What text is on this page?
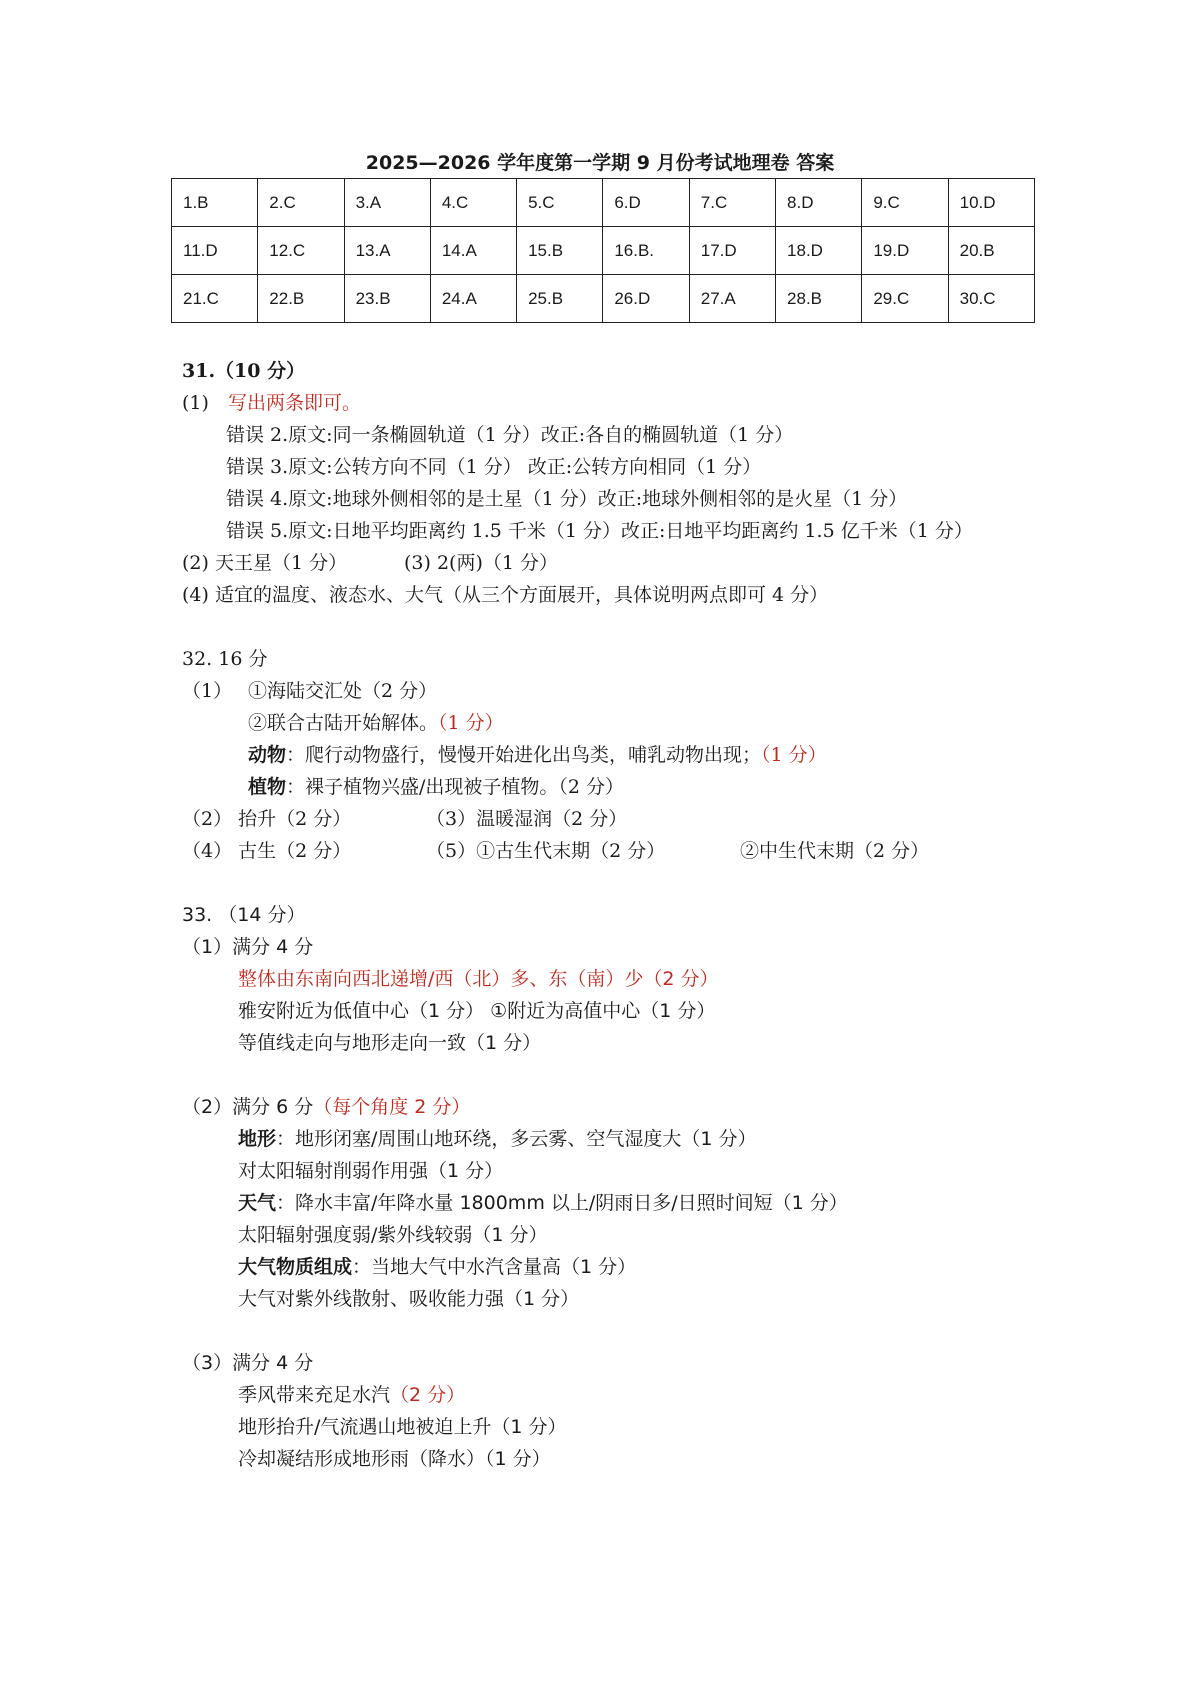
2025—2026 学年度第一学期 9 月份考试地理卷 答案
1.B	2.C	3.A	4.C	5.C	6.D	7.C	8.D	9.C	10.D
11.D	12.C	13.A	14.A	15.B	16.B.	17.D	18.D	19.D	20.B
21.C	22.B	23.B	24.A	25.B	26.D	27.A	28.B	29.C	30.C
31.（10 分）
(1) 写出两条即可。
错误 2.原文:同一条椭圆轨道（1 分）改正:各自的椭圆轨道（1 分）
错误 3.原文:公转方向不同（1 分） 改正:公转方向相同（1 分）
错误 4.原文:地球外侧相邻的是土星（1 分）改正:地球外侧相邻的是火星（1 分）
错误 5.原文:日地平均距离约 1.5 千米（1 分）改正:日地平均距离约 1.5 亿千米（1 分）
(2) 天王星（1 分）	(3) 2(两)（1 分）
(4) 适宜的温度、液态水、大气（从三个方面展开，具体说明两点即可 4 分）
32. 16 分
（1） ①海陆交汇处（2 分）
②联合古陆开始解体。（1 分）
动物：爬行动物盛行，慢慢开始进化出鸟类，哺乳动物出现；（1 分）
植物：裸子植物兴盛/出现被子植物。（2 分）
（2） 抬升（2 分）	（3）温暖湿润（2 分）
（4） 古生（2 分）	（5）①古生代末期（2 分）	②中生代末期（2 分）
33. （14 分）
（1）满分 4 分
整体由东南向西北递增/西（北）多、东（南）少（2 分）
雅安附近为低值中心（1 分） ①附近为高值中心（1 分）
等值线走向与地形走向一致（1 分）
（2）满分 6 分（每个角度 2 分）
地形：地形闭塞/周围山地环绕，多云雾、空气湿度大（1 分）
对太阳辐射削弱作用强（1 分）
天气：降水丰富/年降水量 1800mm 以上/阴雨日多/日照时间短（1 分）
太阳辐射强度弱/紫外线较弱（1 分）
大气物质组成：当地大气中水汽含量高（1 分）
大气对紫外线散射、吸收能力强（1 分）
（3）满分 4 分
季风带来充足水汽（2 分）
地形抬升/气流遇山地被迫上升（1 分）
冷却凝结形成地形雨（降水）（1 分）
